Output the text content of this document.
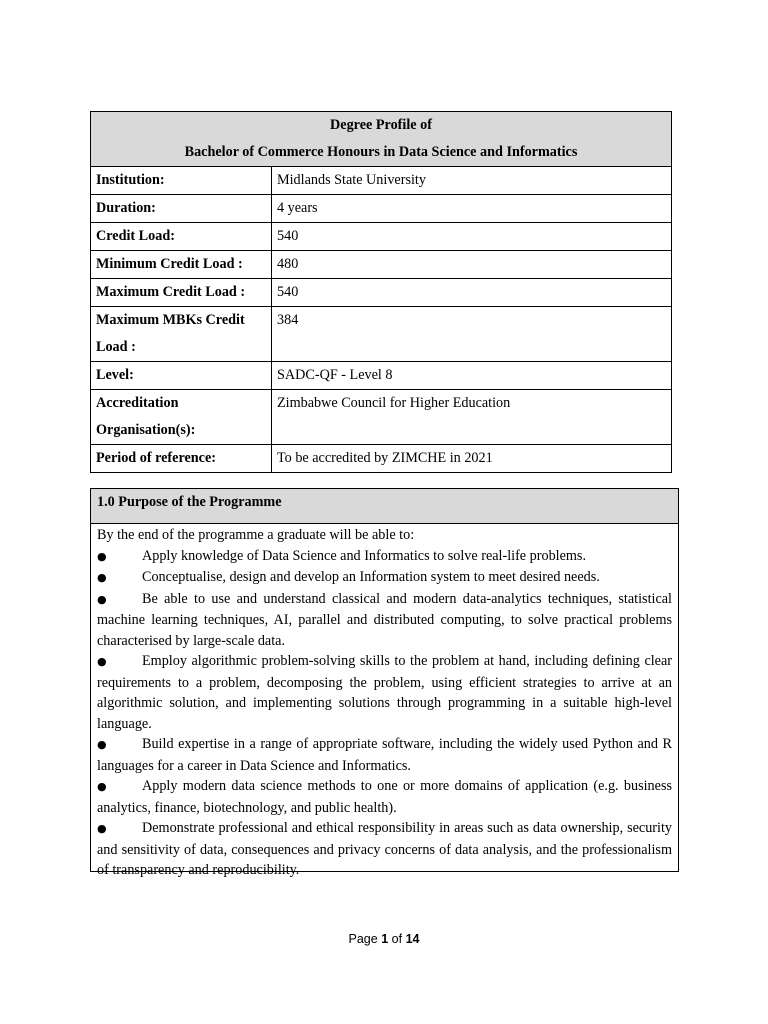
Degree Profile of
Bachelor of Commerce Honours in Data Science and Informatics	

Institution:	Midlands State University
Duration:	4 years
Credit Load:	540
Minimum Credit Load :	480
Maximum Credit Load :	540

Maximum MBKs Credit
Load :	384
Level:	SADC-QF - Level 8

Accreditation
Organisation(s):	Zimbabwe Council for Higher Education
Period of reference:	To be accredited by ZIMCHE in 2021
1.0 Purpose of the Programme

By the end of the programme a graduate will be able to:

● Apply knowledge of Data Science and Informatics to solve real-life problems.
● Conceptualise, design and develop an Information system to meet desired needs.
● Be able to use and understand classical and modern data-analytics techniques, statistical machine learning techniques, AI, parallel and distributed computing, to solve practical problems characterised by large-scale data.
● Employ algorithmic problem-solving skills to the problem at hand, including defining clear requirements to a problem, decomposing the problem, using efficient strategies to arrive at an algorithmic solution, and implementing solutions through programming in a suitable high-level language.
● Build expertise in a range of appropriate software, including the widely used Python and R languages for a career in Data Science and Informatics.
● Apply modern data science methods to one or more domains of application (e.g. business analytics, finance, biotechnology, and public health).
● Demonstrate professional and ethical responsibility in areas such as data ownership, security and sensitivity of data, consequences and privacy concerns of data analysis, and the professionalism of transparency and reproducibility.
Page 1 of 14
